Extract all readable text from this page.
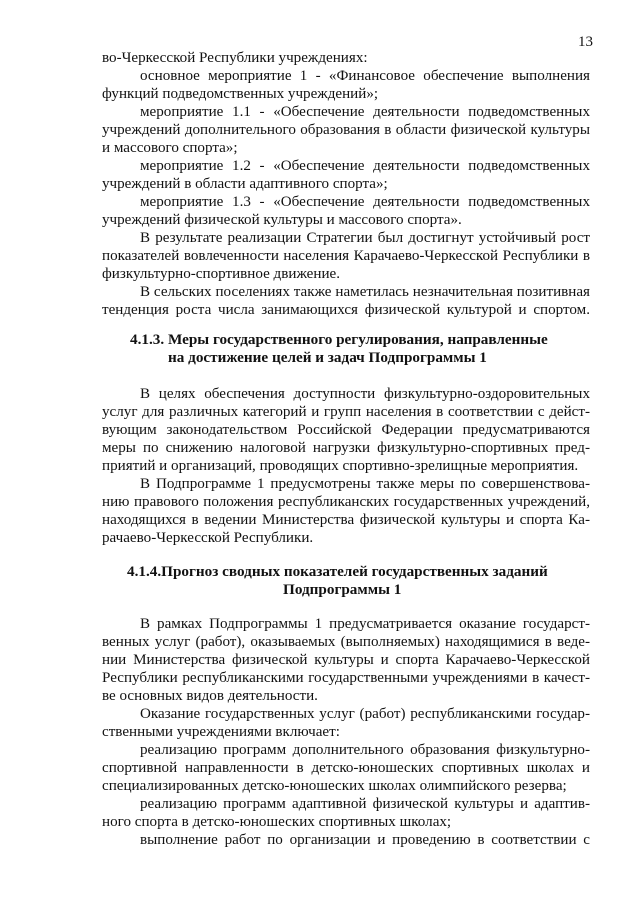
13
во-Черкесской Республики учреждениях:
основное мероприятие 1 - «Финансовое обеспечение выполнения
функций подведомственных учреждений»;
мероприятие 1.1 - «Обеспечение деятельности подведомственных
учреждений дополнительного образования в области физической культуры
и массового спорта»;
мероприятие 1.2 - «Обеспечение деятельности подведомственных
учреждений в области адаптивного спорта»;
мероприятие 1.3 - «Обеспечение деятельности подведомственных
учреждений физической культуры и массового спорта».
В результате реализации Стратегии был достигнут устойчивый рост
показателей вовлеченности населения Карачаево-Черкесской Республики в
физкультурно-спортивное движение.
В сельских поселениях также наметилась незначительная позитивная
тенденция роста числа занимающихся физической культурой и спортом.
4.1.3. Меры государственного регулирования, направленные
на достижение целей и задач Подпрограммы 1
В целях обеспечения доступности физкультурно-оздоровительных
услуг для различных категорий и групп населения в соответствии с дейст-
вующим законодательством Российской Федерации предусматриваются
меры по снижению налоговой нагрузки физкультурно-спортивных пред-
приятий и организаций, проводящих спортивно-зрелищные мероприятия.
В Подпрограмме 1 предусмотрены также меры по совершенствова-
нию правового положения республиканских государственных учреждений,
находящихся в ведении Министерства физической культуры и спорта Ка-
рачаево-Черкесской Республики.
4.1.4.Прогноз сводных показателей государственных заданий
Подпрограммы 1
В рамках Подпрограммы 1 предусматривается оказание государст-
венных услуг (работ), оказываемых (выполняемых) находящимися в веде-
нии Министерства физической культуры и спорта Карачаево-Черкесской
Республики республиканскими государственными учреждениями в качест-
ве основных видов деятельности.
Оказание государственных услуг (работ) республиканскими государ-
ственными учреждениями включает:
реализацию программ дополнительного образования физкультурно-
спортивной направленности в детско-юношеских спортивных школах и
специализированных детско-юношеских школах олимпийского резерва;
реализацию программ адаптивной физической культуры и адаптив-
ного спорта в детско-юношеских спортивных школах;
выполнение работ по организации и проведению в соответствии с
